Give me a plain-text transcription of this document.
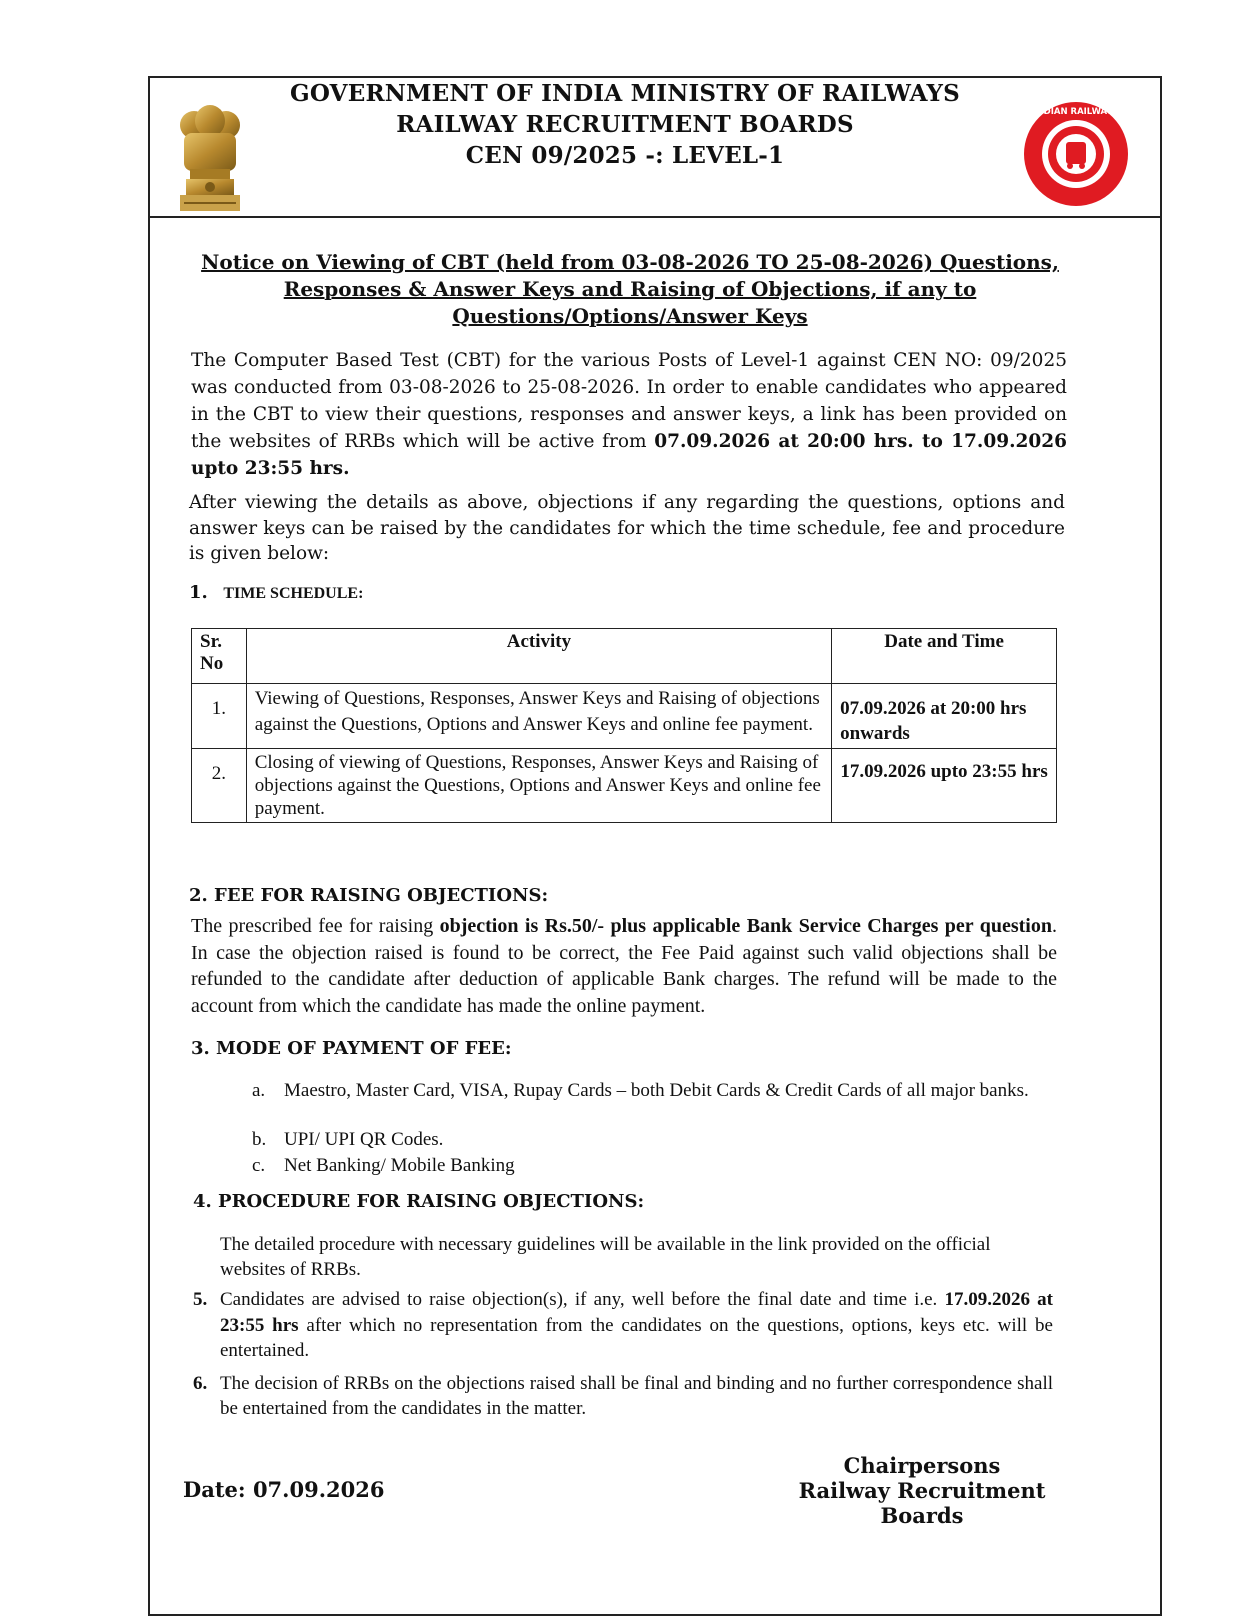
INDIAN RAILWAYS
GOVERNMENT OF INDIA MINISTRY OF RAILWAYS
RAILWAY RECRUITMENT BOARDS
CEN 09/2025 -: LEVEL-1
Notice on Viewing of CBT (held from 03-08-2026 TO 25-08-2026) Questions,
Responses & Answer Keys and Raising of Objections, if any to
Questions/Options/Answer Keys
The Computer Based Test (CBT) for the various Posts of Level-1 against CEN NO: 09/2025 was conducted from 03-08-2026 to 25-08-2026. In order to enable candidates who appeared in the CBT to view their questions, responses and answer keys, a link has been provided on the websites of RRBs which will be active from 07.09.2026 at 20:00 hrs. to 17.09.2026 upto 23:55 hrs.
After viewing the details as above, objections if any regarding the questions, options and answer keys can be raised by the candidates for which the time schedule, fee and procedure is given below:
1. TIME SCHEDULE:
Sr. No	Activity	Date and Time
1.	Viewing of Questions, Responses, Answer Keys and Raising of objections against the Questions, Options and Answer Keys and online fee payment.	07.09.2026 at 20:00 hrs onwards
2.	Closing of viewing of Questions, Responses, Answer Keys and Raising of objections against the Questions, Options and Answer Keys and online fee payment.	17.09.2026 upto 23:55 hrs
2. FEE FOR RAISING OBJECTIONS:
The prescribed fee for raising objection is Rs.50/- plus applicable Bank Service Charges per question. In case the objection raised is found to be correct, the Fee Paid against such valid objections shall be refunded to the candidate after deduction of applicable Bank charges. The refund will be made to the account from which the candidate has made the online payment.
3. MODE OF PAYMENT OF FEE:
a. Maestro, Master Card, VISA, Rupay Cards – both Debit Cards & Credit Cards of all major banks.
b. UPI/ UPI QR Codes.
c. Net Banking/ Mobile Banking
4. PROCEDURE FOR RAISING OBJECTIONS:
The detailed procedure with necessary guidelines will be available in the link provided on the official websites of RRBs.
5. Candidates are advised to raise objection(s), if any, well before the final date and time i.e. 17.09.2026 at 23:55 hrs after which no representation from the candidates on the questions, options, keys etc. will be entertained.
6. The decision of RRBs on the objections raised shall be final and binding and no further correspondence shall be entertained from the candidates in the matter.
Date: 07.09.2026
Chairpersons
Railway Recruitment Boards
